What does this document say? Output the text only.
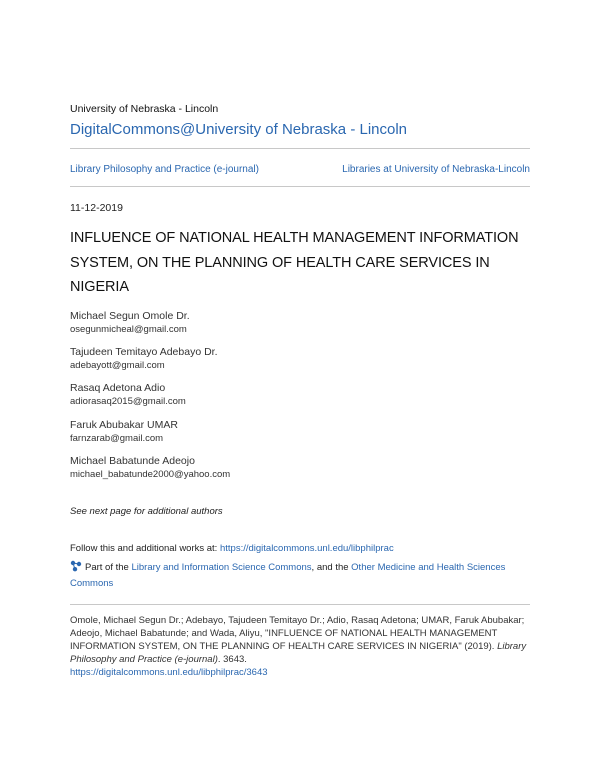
University of Nebraska - Lincoln
DigitalCommons@University of Nebraska - Lincoln
Library Philosophy and Practice (e-journal)	Libraries at University of Nebraska-Lincoln
11-12-2019
INFLUENCE OF NATIONAL HEALTH MANAGEMENT INFORMATION SYSTEM, ON THE PLANNING OF HEALTH CARE SERVICES IN NIGERIA
Michael Segun Omole Dr.
osegunmicheal@gmail.com
Tajudeen Temitayo Adebayo Dr.
adebayott@gmail.com
Rasaq Adetona Adio
adiorasaq2015@gmail.com
Faruk Abubakar UMAR
farnzarab@gmail.com
Michael Babatunde Adeojo
michael_babatunde2000@yahoo.com
See next page for additional authors
Follow this and additional works at: https://digitalcommons.unl.edu/libphilprac
Part of the Library and Information Science Commons, and the Other Medicine and Health Sciences Commons
Omole, Michael Segun Dr.; Adebayo, Tajudeen Temitayo Dr.; Adio, Rasaq Adetona; UMAR, Faruk Abubakar; Adeojo, Michael Babatunde; and Wada, Aliyu, "INFLUENCE OF NATIONAL HEALTH MANAGEMENT INFORMATION SYSTEM, ON THE PLANNING OF HEALTH CARE SERVICES IN NIGERIA" (2019). Library Philosophy and Practice (e-journal). 3643.
https://digitalcommons.unl.edu/libphilprac/3643
